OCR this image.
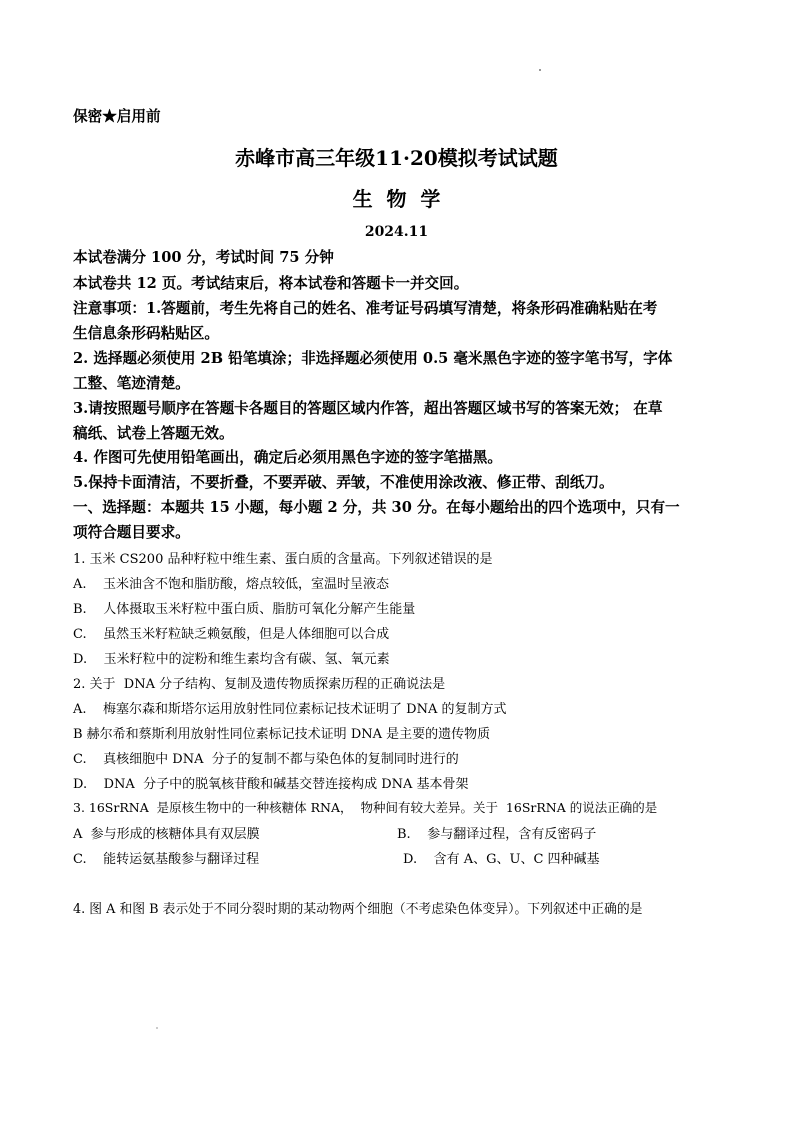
保密★启用前
赤峰市高三年级11·20模拟考试试题
生  物  学
2024.11
本试卷满分 100 分，考试时间 75 分钟
本试卷共 12 页。考试结束后，将本试卷和答题卡一并交回。
注意事项：1.答题前，考生先将自己的姓名、准考证号码填写清楚，将条形码准确粘贴在考
生信息条形码粘贴区。
2. 选择题必须使用 2B 铅笔填涂；非选择题必须使用 0.5 毫米黑色字迹的签字笔书写，字体
工整、笔迹清楚。
3.请按照题号顺序在答题卡各题目的答题区域内作答，超出答题区域书写的答案无效； 在草
稿纸、试卷上答题无效。
4. 作图可先使用铅笔画出，确定后必须用黑色字迹的签字笔描黑。
5.保持卡面清洁，不要折叠，不要弄破、弄皱，不准使用涂改液、修正带、刮纸刀。
一、选择题：本题共 15 小题，每小题 2 分，共 30 分。在每小题给出的四个选项中，只有一
项符合题目要求。
1. 玉米 CS200 品种籽粒中维生素、蛋白质的含量高。下列叙述错误的是
A.    玉米油含不饱和脂肪酸，熔点较低，室温时呈液态
B.    人体摄取玉米籽粒中蛋白质、脂肪可氧化分解产生能量
C.    虽然玉米籽粒缺乏赖氨酸，但是人体细胞可以合成
D.    玉米籽粒中的淀粉和维生素均含有碳、氢、氧元素
2. 关于  DNA 分子结构、复制及遗传物质探索历程的正确说法是
A.    梅塞尔森和斯塔尔运用放射性同位素标记技术证明了 DNA 的复制方式
B 赫尔希和蔡斯利用放射性同位素标记技术证明 DNA 是主要的遗传物质
C.    真核细胞中 DNA  分子的复制不都与染色体的复制同时进行的
D.    DNA  分子中的脱氧核苷酸和碱基交替连接构成 DNA 基本骨架
3. 16SrRNA  是原核生物中的一种核糖体 RNA，  物种间有较大差异。关于  16SrRNA 的说法正确的是
A  参与形成的核糖体具有双层膜	B.    参与翻译过程，含有反密码子
C.    能转运氨基酸参与翻译过程	D.    含有 A、G、U、C 四种碱基
4. 图 A 和图 B 表示处于不同分裂时期的某动物两个细胞（不考虑染色体变异）。下列叙述中正确的是
